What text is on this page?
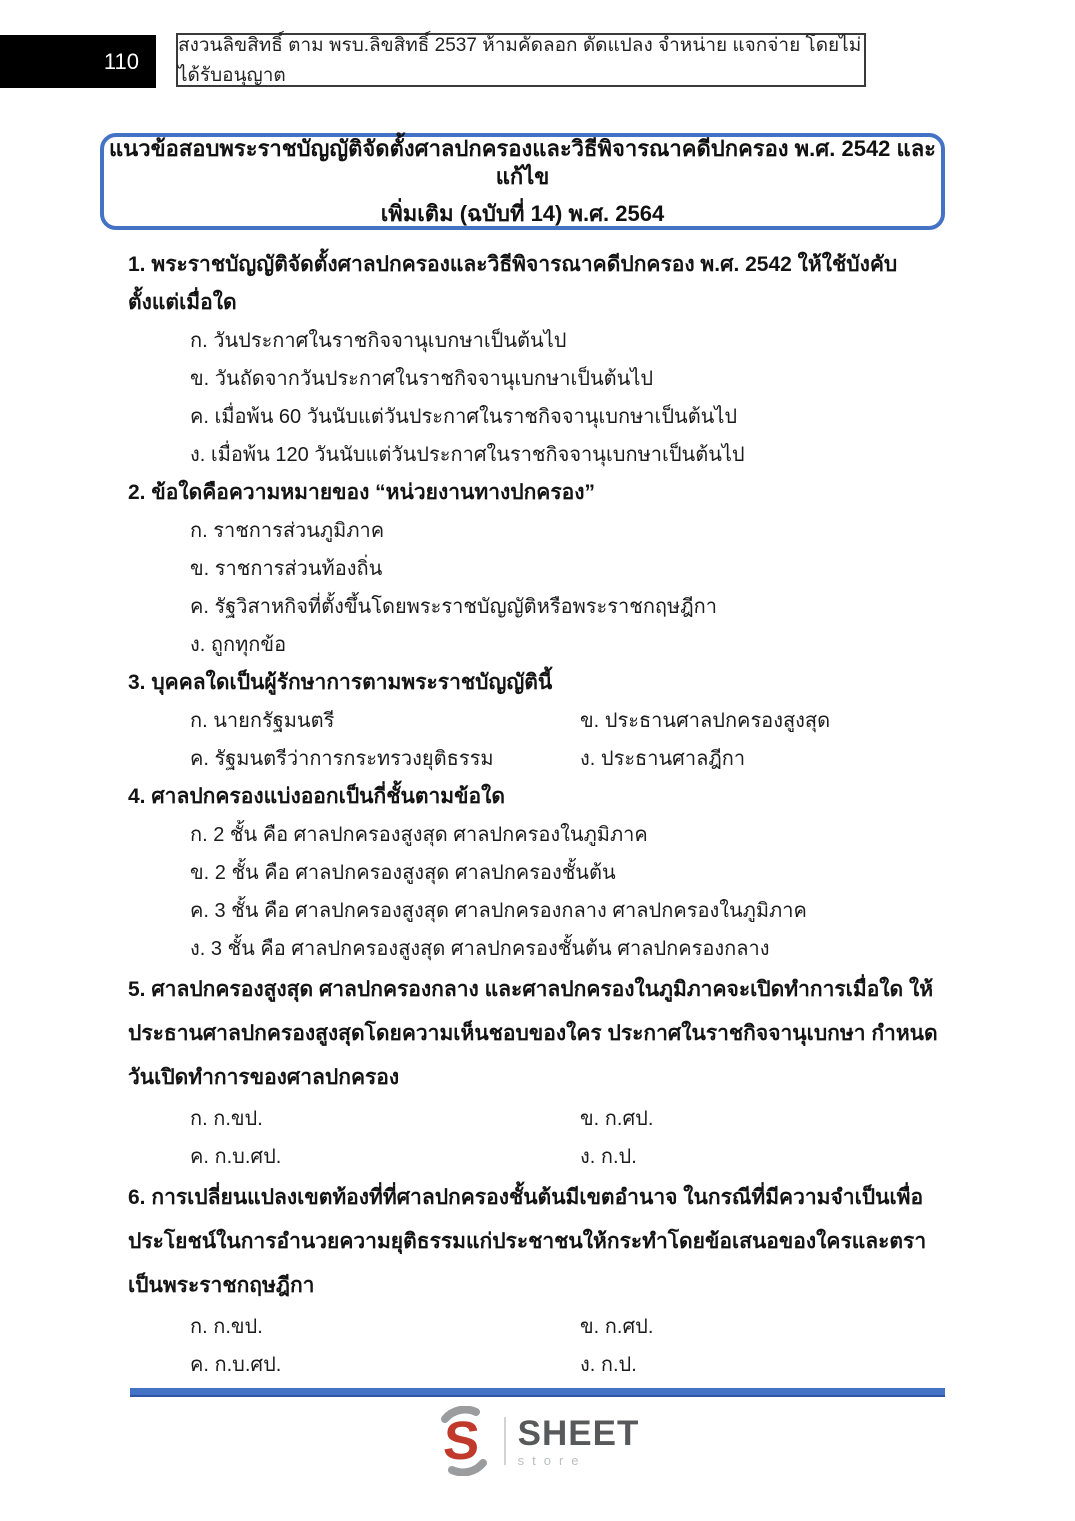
110
สงวนลิขสิทธิ์ ตาม พรบ.ลิขสิทธิ์ 2537 ห้ามคัดลอก ดัดแปลง จำหน่าย แจกจ่าย โดยไม่ได้รับอนุญาต
แนวข้อสอบพระราชบัญญัติจัดตั้งศาลปกครองและวิธีพิจารณาคดีปกครอง พ.ศ. 2542 และแก้ไข
เพิ่มเติม (ฉบับที่ 14) พ.ศ. 2564
1. พระราชบัญญัติจัดตั้งศาลปกครองและวิธีพิจารณาคดีปกครอง พ.ศ. 2542 ให้ใช้บังคับตั้งแต่เมื่อใด
ก. วันประกาศในราชกิจจานุเบกษาเป็นต้นไป
ข. วันถัดจากวันประกาศในราชกิจจานุเบกษาเป็นต้นไป
ค. เมื่อพ้น 60 วันนับแต่วันประกาศในราชกิจจานุเบกษาเป็นต้นไป
ง. เมื่อพ้น 120 วันนับแต่วันประกาศในราชกิจจานุเบกษาเป็นต้นไป
2. ข้อใดคือความหมายของ “หน่วยงานทางปกครอง”
ก. ราชการส่วนภูมิภาค
ข. ราชการส่วนท้องถิ่น
ค. รัฐวิสาหกิจที่ตั้งขึ้นโดยพระราชบัญญัติหรือพระราชกฤษฎีกา
ง. ถูกทุกข้อ
3. บุคคลใดเป็นผู้รักษาการตามพระราชบัญญัตินี้
ก. นายกรัฐมนตรี	ข. ประธานศาลปกครองสูงสุด
ค. รัฐมนตรีว่าการกระทรวงยุติธรรม	ง. ประธานศาลฎีกา
4. ศาลปกครองแบ่งออกเป็นกี่ชั้นตามข้อใด
ก. 2 ชั้น คือ ศาลปกครองสูงสุด ศาลปกครองในภูมิภาค
ข. 2 ชั้น คือ ศาลปกครองสูงสุด ศาลปกครองชั้นต้น
ค. 3 ชั้น คือ ศาลปกครองสูงสุด ศาลปกครองกลาง ศาลปกครองในภูมิภาค
ง. 3 ชั้น คือ ศาลปกครองสูงสุด ศาลปกครองชั้นต้น ศาลปกครองกลาง
5. ศาลปกครองสูงสุด ศาลปกครองกลาง และศาลปกครองในภูมิภาคจะเปิดทำการเมื่อใด ให้ประธานศาลปกครองสูงสุดโดยความเห็นชอบของใคร ประกาศในราชกิจจานุเบกษา กำหนดวันเปิดทำการของศาลปกครอง
ก. ก.ขป.	ข. ก.ศป.
ค. ก.บ.ศป.	ง. ก.ป.
6. การเปลี่ยนแปลงเขตท้องที่ที่ศาลปกครองชั้นต้นมีเขตอำนาจ ในกรณีที่มีความจำเป็นเพื่อประโยชน์ในการอำนวยความยุติธรรมแก่ประชาชนให้กระทำโดยข้อเสนอของใครและตราเป็นพระราชกฤษฎีกา
ก. ก.ขป.	ข. ก.ศป.
ค. ก.บ.ศป.	ง. ก.ป.
S SHEET
store
